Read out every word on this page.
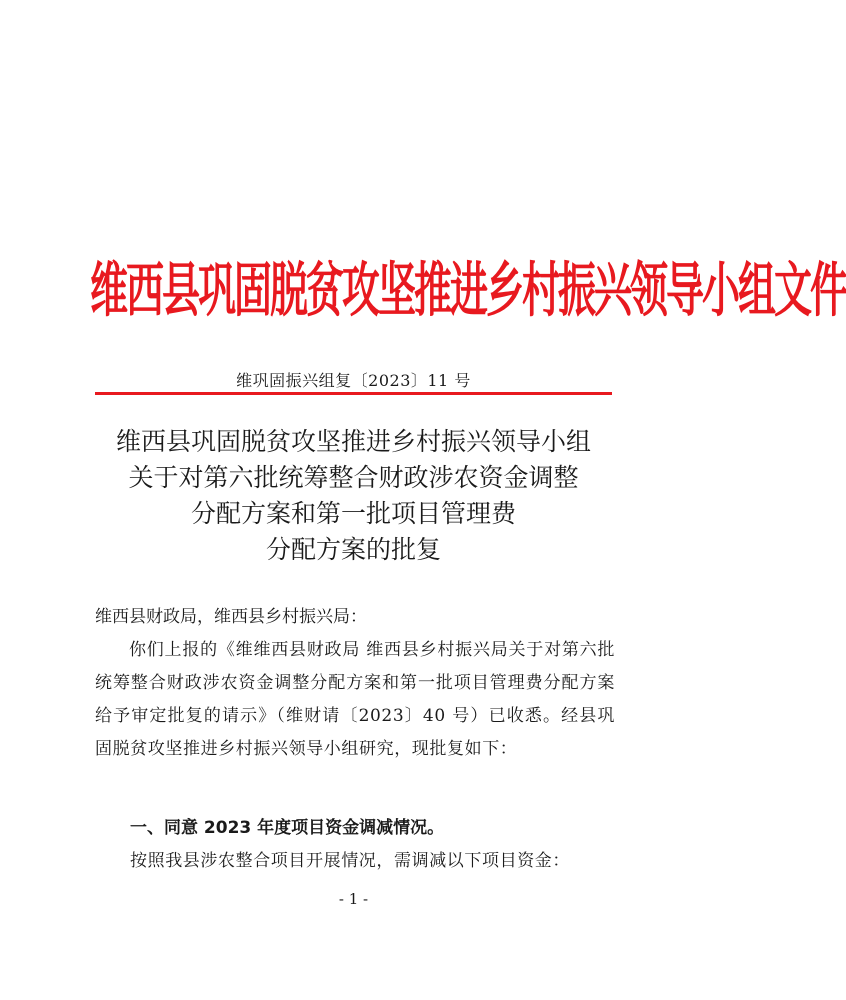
维西县巩固脱贫攻坚推进乡村振兴领导小组文件
维巩固振兴组复〔2023〕11 号
维西县巩固脱贫攻坚推进乡村振兴领导小组
关于对第六批统筹整合财政涉农资金调整
分配方案和第一批项目管理费
分配方案的批复
维西县财政局，维西县乡村振兴局：
你们上报的《维维西县财政局 维西县乡村振兴局关于对第六批统筹整合财政涉农资金调整分配方案和第一批项目管理费分配方案给予审定批复的请示》（维财请〔2023〕40 号）已收悉。经县巩固脱贫攻坚推进乡村振兴领导小组研究，现批复如下：
一、同意 2023 年度项目资金调减情况。
按照我县涉农整合项目开展情况，需调减以下项目资金：
- 1 -
